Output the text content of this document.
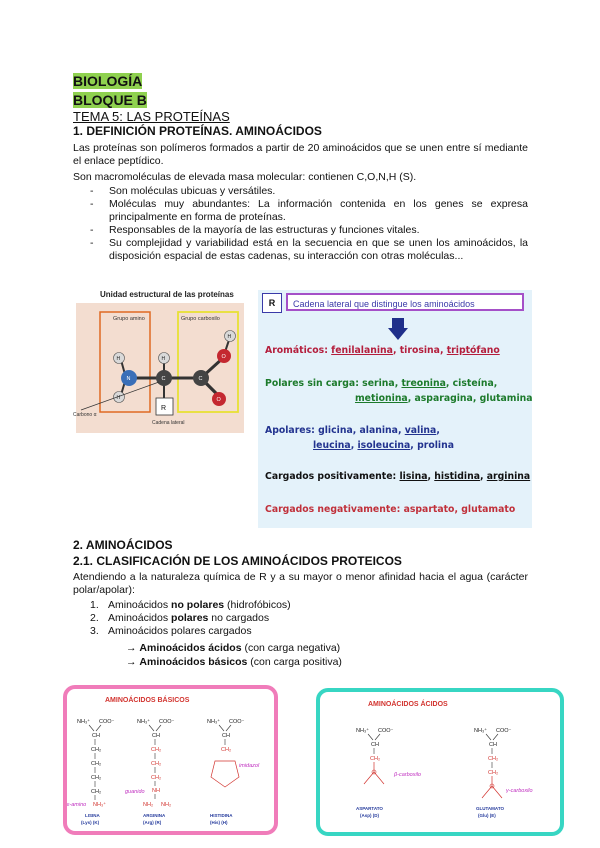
BIOLOGÍA
BLOQUE B
TEMA 5: LAS PROTEÍNAS
1. DEFINICIÓN PROTEÍNAS. AMINOÁCIDOS

Las proteínas son polímeros formados a partir de 20 aminoácidos que se unen entre sí mediante el enlace peptídico.

Son macromoléculas de elevada masa molecular: contienen C,O,N,H (S).

- Son moléculas ubicuas y versátiles.
- Moléculas muy abundantes: La información contenida en los genes se expresa principalmente en forma de proteínas.
- Responsables de la mayoría de las estructuras y funciones vitales.
- Su complejidad y variabilidad está en la secuencia en que se unen los aminoácidos, la disposición espacial de estas cadenas, su interacción con otras moléculas...
Unidad estructural de las proteínas
Grupo amino	Grupo carboxilo
H
H
H
H
N	C	C
O
O
R
Cadena lateral
Carbono α
R	Cadena lateral que distingue los aminoácidos
Aromáticos: fenilalanina, tirosina, triptófano
Polares sin carga: serina, treonina, cisteína,
metionina, asparagina, glutamina
Apolares: glicina, alanina, valina,
leucina, isoleucina, prolina
Cargados positivamente: lisina, histidina, arginina
Cargados negativamente: aspartato, glutamato
2. AMINOÁCIDOS
2.1. CLASIFICACIÓN DE LOS AMINOÁCIDOS PROTEICOS

Atendiendo a la naturaleza química de R y a su mayor o menor afinidad hacia el agua (carácter polar/apolar):

1. Aminoácidos no polares (hidrofóbicos)
2. Aminoácidos polares no cargados
3. Aminoácidos polares cargados
→ Aminoácidos ácidos (con carga negativa)
→ Aminoácidos básicos (con carga positiva)
AMINOÁCIDOS BÁSICOS
NH₃⁺ COO⁻
CH
CH₂
CH₂
CH₂
CH₂
NH₃⁺
ε-amino
NH₃⁺ COO⁻
CH
CH₂
CH₂
CH₂
NH
NH₂ NH₂
guanido
NH₃⁺ COO⁻
CH
CH₂
imidazol
LISINA
(Lys) (K)
ARGININA
(Arg) (R)
HISTIDINA
(His) (H)
AMINOÁCIDOS ÁCIDOS
NH₃⁺ COO⁻
CH
CH₂
β-carboxilo
ASPARTATO
(Asp) (D)
NH₃⁺ COO⁻
CH
CH₂
CH₂
γ-carboxilo
GLUTAMATO
(Glu) (E)
